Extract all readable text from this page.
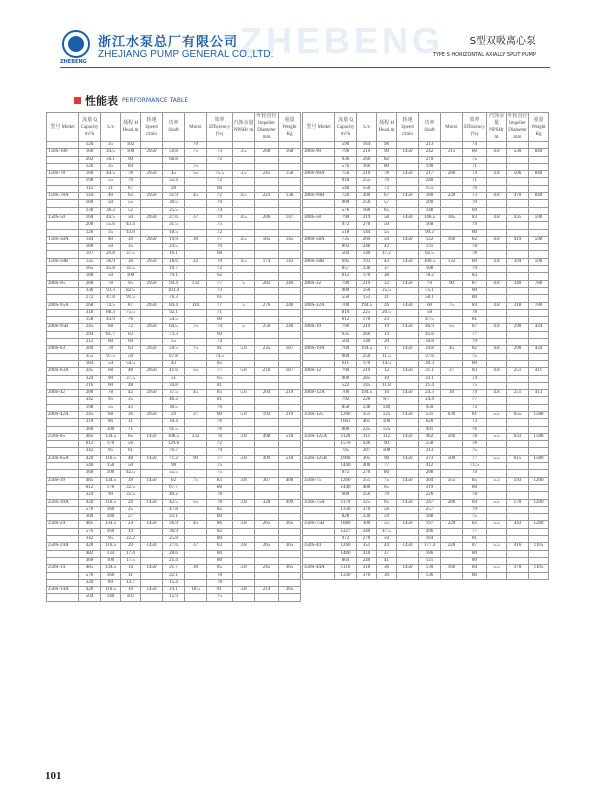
ZHEBENG
ZHEBENG
浙江水泵总厂有限公司
ZHEJIANG PUMP GENERAL CO.,LTD.
S型双吸离心泵
TYPE S HORIZONTAL AXIALLY SPLIT PUMP
性能表 PERFORMANCE TABLE
型号 Model	流量 Q Capacity m³/h	L/s	扬程 H Head m	转速 Speed r/min	功率 Shaft	Motor	效率 Efficiency (%)	汽蚀余量 NPSHr m	叶轮直径 Impeller Diameter mm	重量 Weight Kg
	126	35	102			79				
150S-100	160	44.5	100	2950	59.8	75	73	3.5	268	168
	202	56.1	90		68.8		72			
	126	35	84			75				
150S-78	160	44.5	78	2950	45	55	75.5	3.5	245	158
	198	55	70		52.4		72			
	112	31	67		28		68			
150S-78A	144	40	62	2950	31.9	45	72	4.5	223	138
	180	50	55		36.5		70			
	130	36.2	52		25.5		74			
150S-50	160	44.5	50	2950	27.6	37	79	4.5	206	147
	200	55.6	43.4		31.5		75			
	126	35	43.8		18.5		72			
150S-50A	144	40	39	2950	19.9	30	77	4.5	185	145
	180	50	35		24.5		70			
	107	29.8	37.5		16.1		68			
150S-50B	135	36.9	36	2950	18.6	22	70	4.5	174	143
	165	45.8	31.5		19.7		72			
	180	50	100		79.1		62			
200S-95	288	78	95	2950	94.4	132	77	5	282	240
	336	93.3	82.5		103.4		73			
	172	47.8	91.5		76.3		61			
200S-95A	268	74.5	87	2950	84.4	110	77	5	276	240
	318	88.3	75.5		92.1		71			
	158	43.9	76		54.5		60			
200S-95B	245	68	72	2950	64.5	75	74	5	256	240
	294	81.7	63		73.3		69			
	212	60	69		55		74			
200S-63	280	78	63	2950	59.5	75	81	5.6	235	187
	351	97.5	50		67.8		74.5			
	184	54	54.5		43		65			
200S-63A	245	68	48	2950	41.6	55	77	5.6	210	187
	324	90	37.5		51		65			
	216	60	48		34.8		81			
200S-42	280	78	42	2950	37.5	45	85	5.6	204	219
	342	95	35		40.2		81			
	198	55	43		30.5		76			
200S-42A	245	68	36	2950	29	37	80	5.6	193	219
	310	86	31		34.4		76			
	360	100	71		91.5		76			
250S-65	485	134.5	65	1450	108.5	132	78	3.8	498	518
	612	170	56		129.6		72			
	342	95	61		76.7		74			
250S-65A	420	116.5	48	1450	71.2	90	77	3.8	499	518
	540	150	50		98		75			
	360	100	42.5		55.5		75			
250S-39	485	134.5	39	1450	62	75	83	3.8	367	400
	612	170	32.5		67.7		80			
	324	90	35.5		40.2		78			
250S-39A	420	116.5	29	1450	42.5	55	78	3.8	328	499
	576	160	25		47.8		82			
	300	100	27		33.1		80			
250S-24	485	134.5	24	1450	36.9	45	86	3.8	265	365
	576	160	19		36.9		82			
	342	95	22.2		25.8		80			
250S-24A	420	116.5	20	1450	27.6	37	83	3.8	265	365
	482	134	17.4		28.6		80			
	360	100	17.5		21.4		80			
250S-14	485	134.5	14	1450	21.7	30	85	3.8	245	365
	576	160	11		22.1		78			
	320	89	13.7		15.4		78			
250S-14A	420	116.5	10	1450	14.1	18.5	81	3.8	214	365
	504	140	8.6		15.9		75			
型号 Model	流量 Q Capacity m³/h	L/s	扬程 H Head m	转速 Speed r/min	功率 Shaft	Motor	效率 Efficiency (%)	汽蚀余量 NPSHr m	叶轮直径 Impeller Diameter mm	重量 Weight Kg
	590	164	98		213		74			
300S-90	790	219	90	1450	242	315	80	4.8	530	840
	936	260	82		279		75			
	576	160	80		190		71			
300S-90A	756	210	78	1450	217	280	74	4.8	506	840
	918	255	70		240		71			
	540	150	72		151		70			
300S-90B	720	200	67	1450	180	220	73	4.8	470	840
	900	250	57		200		70			
	576	160	65		148		69			
300S-58	790	219	58	1450	146.5	185	83	4.8	435	590
	972	270	50		168		79			
	518	144	55		99.2		80			
300S-58A	735	204	50	1450	122	160	82	4.8	419	590
	893	248	42		131		78			
	504	140	47.2		82.5		78			
300S-58B	695	193	43	1450	100.5	132	80	4.8	394	590
	857	238	37		108		79			
	612	170	38		78.2		83			
300S-32	790	219	32	1450	79	90	87	4.8	340	780
	900	250	25.5		75.1		80			
	550	153	31		58.1		80			
300S-32A	700	194.5	26	1450	60	75	84	4.8	318	780
	810	225	20.5		58		78			
	612	170	23		47.5		81			
300S-19	790	219	19	1450	46.9	55	87	4.8	290	434
	935	260	14		45.6		77			
	504	140	20		34.8		79			
300S-19A	700	194.5	17	1450	34.8	45	82	4.8	290	434
	900	250	11.5		37.6		75			
	611	170	14.5		30.3		80			
300S-12	790	219	12	1450	31.1	37	83	4.8	251	411
	900	285	10		33.1		74			
	522	145	11.8		21.4		75			
300S-12A	700	194.5	10	1450	24.3	30	79	4.8	251	413
	792	220	8.7		24.4		77			
	858	238	140		450		72			
350S-125	1260	351	125	1450	531	630	81	5.5	655	1588
	1661	461	100		620		73			
	808	225	125		491		76			
350S-125A	1120	311	112	1450	462	560	78	5.5	633	1588
	1570	436	90		558		78			
	745	207	108		313		75			
350S-125B	1008	305	98	1450	373	500	77	5.5	615	1580
	1440	400	77		412		71.5			
	972	270	80		288		79			
350S-75	1260	351	75	1450	304	355	85	5.5	593	1200
	1440	400	65		319		80			
	900	250	70		226		78			
350S-75A	1170	325	65	1450	247	280	84	5.5	570	1200
	1330	370	56		257		79			
	828	230	59		188		75			
350S-75B	1080	300	55	1450	197	220	82	5.5	443	1200
	1227	340	47.5		206		77			
	972	270	50		164		81			
350S-44	1260	351	44	1450	177.4	220	87	5.5	416	1105
	1480	410	37		186		80			
	864	240	41		121		80			
350S-44A	1116	310	36	1450	130	160	84	5.5	370	1105
	1330	370	30		136		80			
101
